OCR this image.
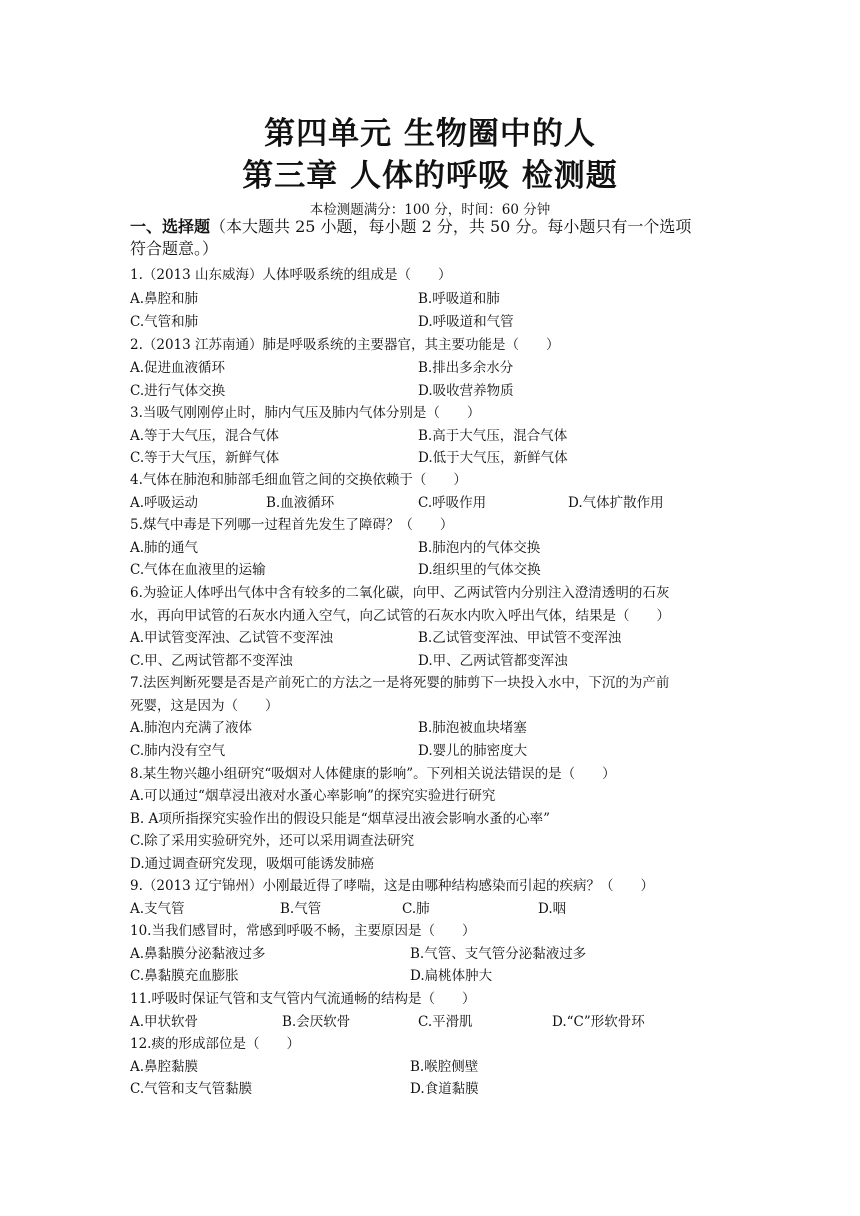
第四单元 生物圈中的人
第三章 人体的呼吸 检测题
本检测题满分：100 分，时间：60 分钟
一、选择题（本大题共 25 小题，每小题 2 分，共 50 分。每小题只有一个选项
符合题意。）
1.（2013 山东威海）人体呼吸系统的组成是（　　）
A.鼻腔和肺	B.呼吸道和肺
C.气管和肺	D.呼吸道和气管
2.（2013 江苏南通）肺是呼吸系统的主要器官，其主要功能是（　　）
A.促进血液循环	B.排出多余水分
C.进行气体交换	D.吸收营养物质
3.当吸气刚刚停止时，肺内气压及肺内气体分别是（　　）
A.等于大气压，混合气体	B.高于大气压，混合气体
C.等于大气压，新鲜气体	D.低于大气压，新鲜气体
4.气体在肺泡和肺部毛细血管之间的交换依赖于（　　）
A.呼吸运动	B.血液循环	C.呼吸作用	D.气体扩散作用
5.煤气中毒是下列哪一过程首先发生了障碍？（　　）
A.肺的通气	B.肺泡内的气体交换
C.气体在血液里的运输	D.组织里的气体交换
6.为验证人体呼出气体中含有较多的二氧化碳，向甲、乙两试管内分别注入澄清透明的石灰
水，再向甲试管的石灰水内通入空气，向乙试管的石灰水内吹入呼出气体，结果是（　　）
A.甲试管变浑浊、乙试管不变浑浊	B.乙试管变浑浊、甲试管不变浑浊
C.甲、乙两试管都不变浑浊	D.甲、乙两试管都变浑浊
7.法医判断死婴是否是产前死亡的方法之一是将死婴的肺剪下一块投入水中，下沉的为产前
死婴，这是因为（　　）
A.肺泡内充满了液体	B.肺泡被血块堵塞
C.肺内没有空气	D.婴儿的肺密度大
8.某生物兴趣小组研究“吸烟对人体健康的影响”。下列相关说法错误的是（　　）
A.可以通过“烟草浸出液对水蚤心率影响”的探究实验进行研究
B. A项所指探究实验作出的假设只能是“烟草浸出液会影响水蚤的心率”
C.除了采用实验研究外，还可以采用调查法研究
D.通过调查研究发现，吸烟可能诱发肺癌
9.（2013 辽宁锦州）小刚最近得了哮喘，这是由哪种结构感染而引起的疾病？（　　）
A.支气管	B.气管	C.肺	D.咽
10.当我们感冒时，常感到呼吸不畅，主要原因是（　　）
A.鼻黏膜分泌黏液过多	B.气管、支气管分泌黏液过多
C.鼻黏膜充血膨胀	D.扁桃体肿大
11.呼吸时保证气管和支气管内气流通畅的结构是（　　）
A.甲状软骨	B.会厌软骨	C.平滑肌	D.“C”形软骨环
12.痰的形成部位是（　　）
A.鼻腔黏膜	B.喉腔侧壁
C.气管和支气管黏膜	D.食道黏膜
